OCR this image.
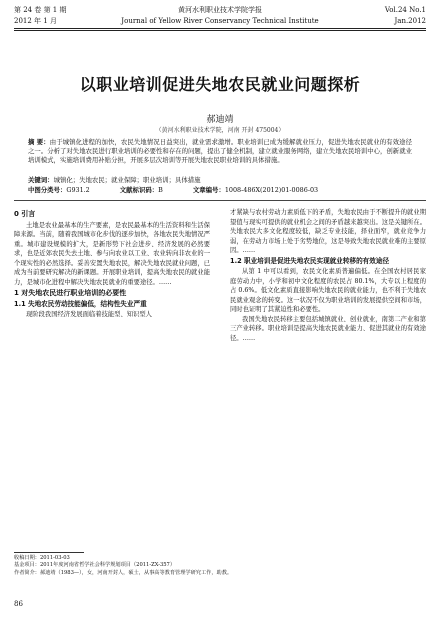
第 24 卷 第 1 期	黄河水利职业技术学院学报	Vol.24 No.1
2012 年 1 月	Journal of Yellow River Conservancy Technical Institute	Jan.2012
以职业培训促进失地农民就业问题探析
郝迪靖
（黄河水利职业技术学院，河南 开封 475004）
摘 要：由于城镇化进程的加快，农民失地情况日益突出，就业需求激增。职业培训已成为缓解就业压力，促进失地农民就业的有效途径之一。分析了对失地农民进行职业培训的必要性和存在的问题，提出了健全机制，建立就业服务网络，建立失地农民培训中心，创新就业培训模式，实施培训费用补贴分担，开展多层次培训等开展失地农民职业培训的具体措施。
关键词：城镇化；失地农民；就业保障；职业培训；具体措施
中图分类号：G931.2	文献标识码：B	文章编号：1008-486X(2012)01-0086-03

0 引言

土地是农业最基本的生产要素，是农民最基本的生活资料和生活保障来源。当前，随着我国城市化步伐的逐步加快，各地农民失地情况严重。城市建设规模的扩大，是新形势下社会进步、经济发展的必然要求，也是近郊农民失去土地、参与向农业以工业、农业转向非农业的一个现实性的必然选择。妥善安置失地农民，解决失地农民就业问题，已成为当前要研究解决的新课题。开展职业培训，提高失地农民的就业能力，是城市化进程中解决失地农民就业的重要途径。……

1 对失地农民进行职业培训的必要性

1.1 失地农民劳动技能偏低，结构性失业严重

现阶段我国经济发展面临着技能型、知识型人

才紧缺与农村劳动力素质低下的矛盾，失地农民由于不断提升的就业期望值与现实可提供的就业机会之间的矛盾越来越突出。这是关键所在。失地农民大多文化程度较低，缺乏专业技能，择业面窄，就业竞争力弱，在劳动力市场上处于劣势地位，这是导致失地农民就业难的主要原因。……

1.2 职业培训是促进失地农民实现就业转移的有效途径

从第 1 中可以看到，农民文化素质普遍偏低。在全国农村居民家庭劳动力中，小学和初中文化程度的农民占 80.1%，大专以上程度的占 0.6%。低文化素质直接影响失地农民的就业能力，也不利于失地农民就业观念的转变。这一状况不仅为职业培训的发展提供空间和市场，同时也证明了其紧迫性和必要性。

我国失地农民转移主要包括城镇就业、创业就业，南第二产业和第三产业转移。职业培训是提高失地农民就业能力、促进其就业的有效途径。……

收稿日期：2011-03-03
基金项目：2011年度河南省哲学社会科学规划项目（2011-ZX-357）
作者简介：郝迪靖（1983—），女，河南开封人，硕士，从事高等教育管理学研究工作，助教。
86
